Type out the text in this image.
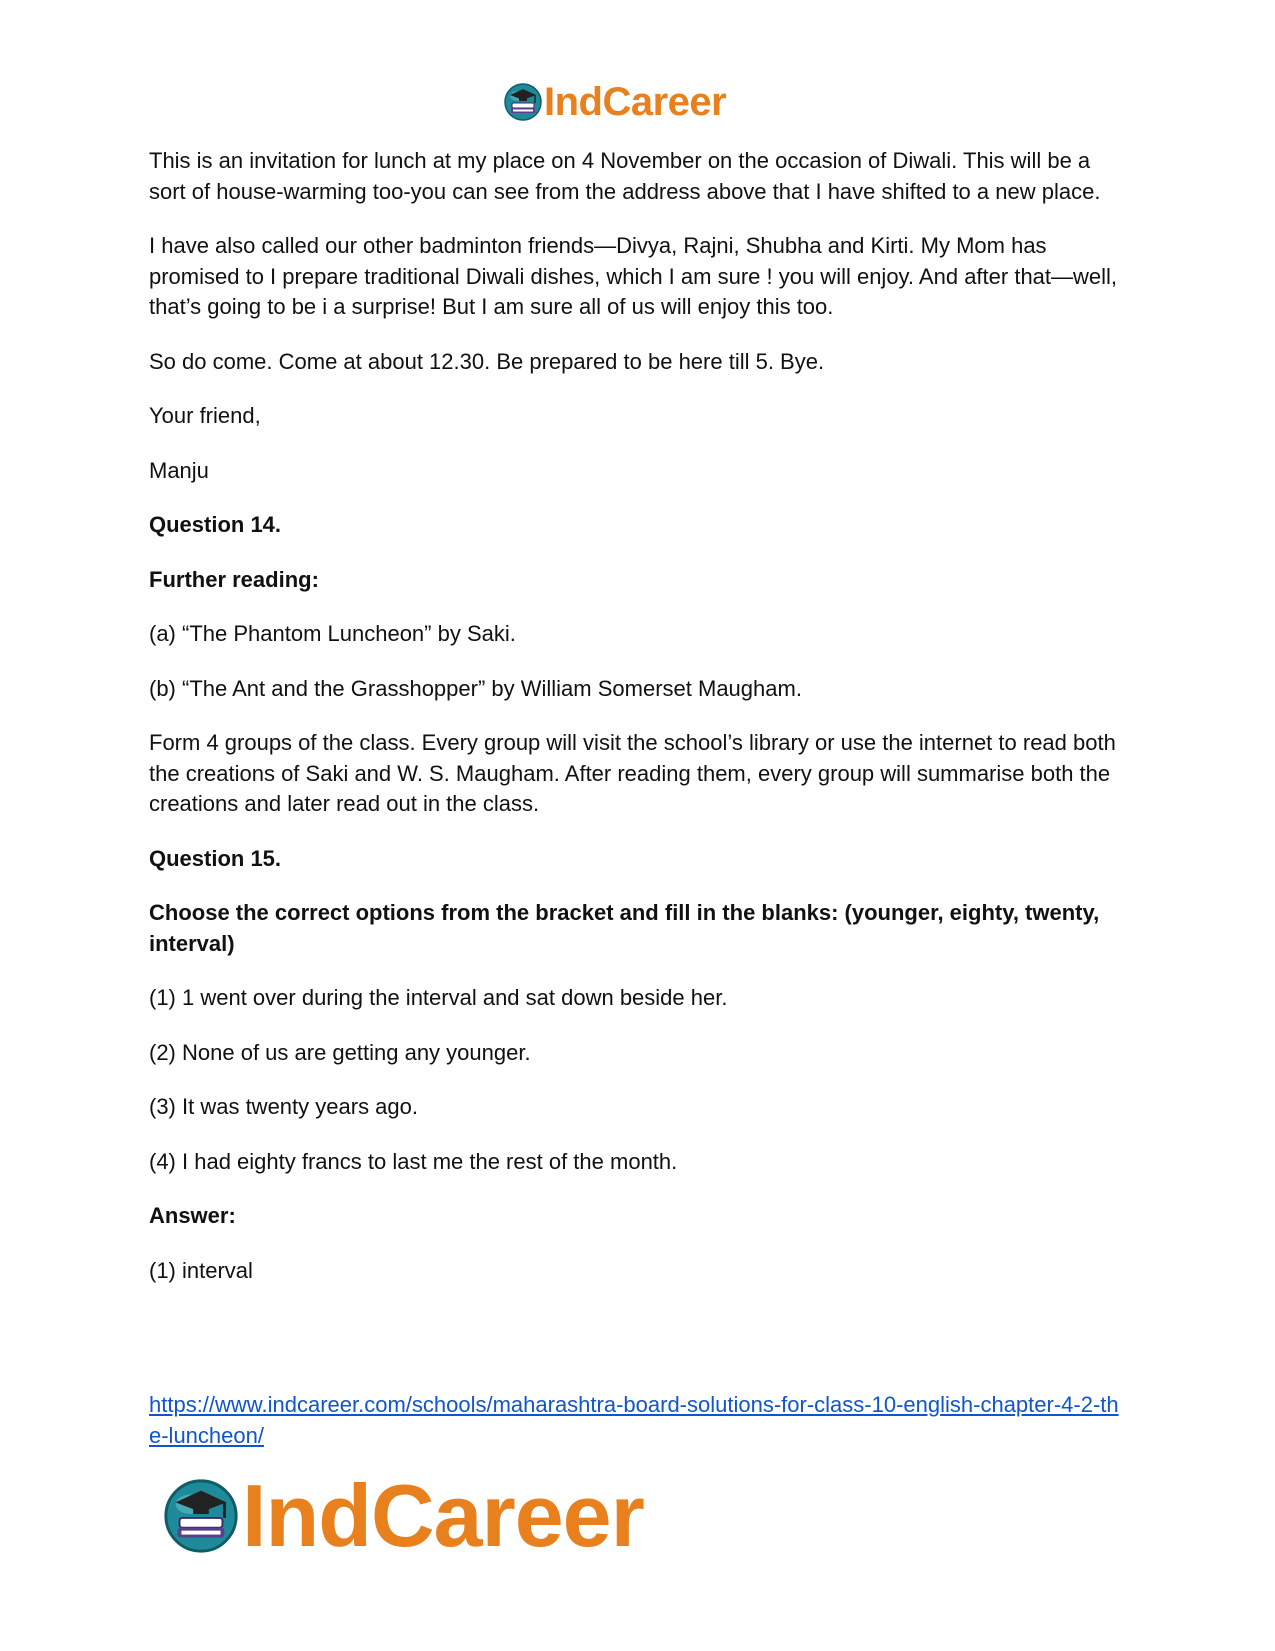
IndCareer

This is an invitation for lunch at my place on 4 November on the occasion of Diwali. This will be a sort of house-warming too-you can see from the address above that I have shifted to a new place.

I have also called our other badminton friends—Divya, Rajni, Shubha and Kirti. My Mom has promised to I prepare traditional Diwali dishes, which I am sure ! you will enjoy. And after that—well, that’s going to be i a surprise! But I am sure all of us will enjoy this too.

So do come. Come at about 12.30. Be prepared to be here till 5. Bye.

Your friend,

Manju

Question 14.

Further reading:

(a) “The Phantom Luncheon” by Saki.

(b) “The Ant and the Grasshopper” by William Somerset Maugham.

Form 4 groups of the class. Every group will visit the school’s library or use the internet to read both the creations of Saki and W. S. Maugham. After reading them, every group will summarise both the creations and later read out in the class.

Question 15.

Choose the correct options from the bracket and fill in the blanks: (younger, eighty, twenty, interval)

(1) 1 went over during the interval and sat down beside her.

(2) None of us are getting any younger.

(3) It was twenty years ago.

(4) I had eighty francs to last me the rest of the month.

Answer:

(1) interval

https://www.indcareer.com/schools/maharashtra-board-solutions-for-class-10-english-chapter-4-2-the-luncheon/
IndCareer
